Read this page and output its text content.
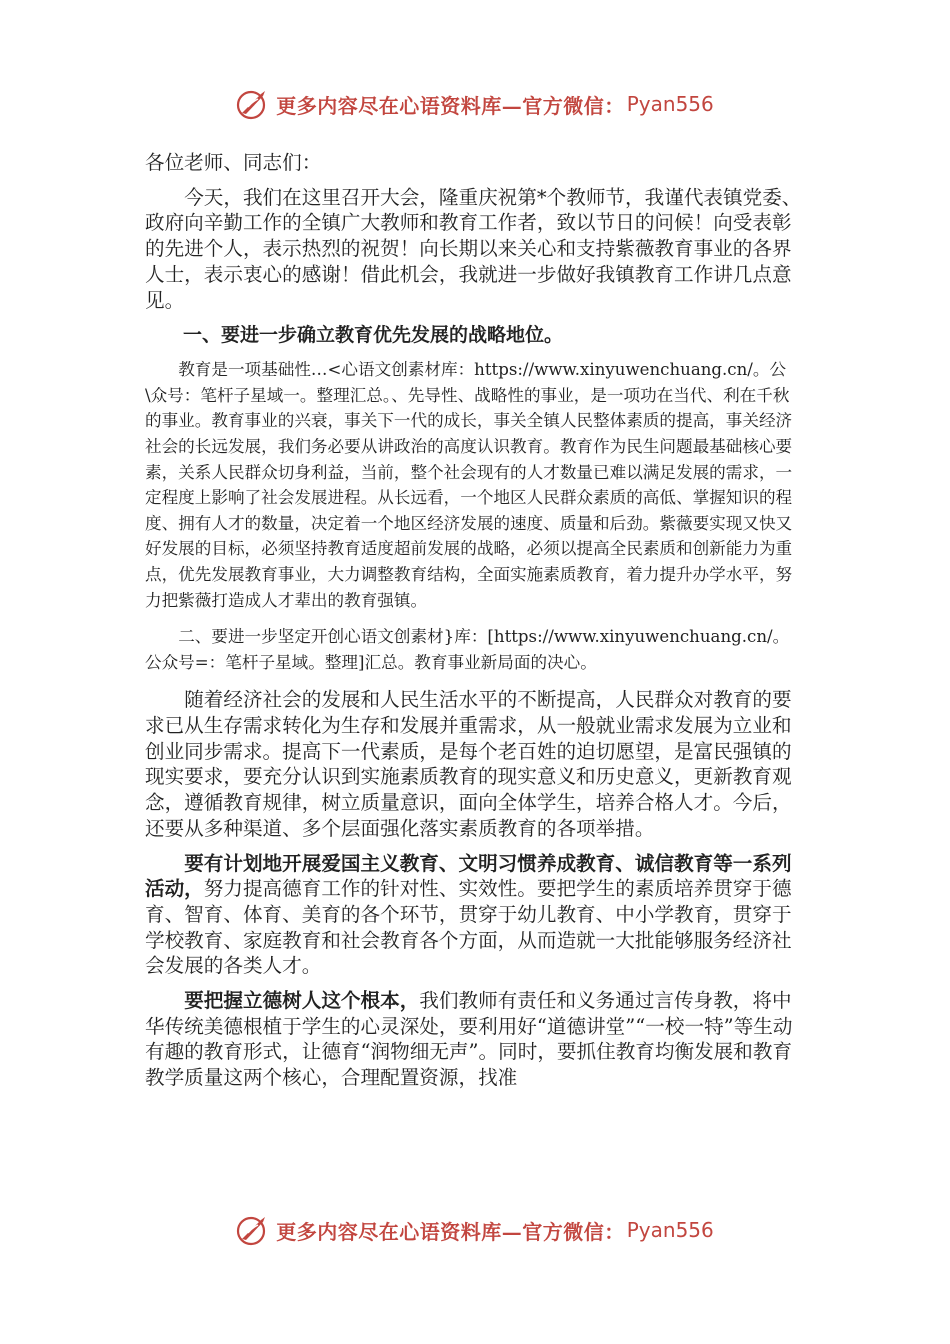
更多内容尽在心语资料库—官方微信： Pyan556

各位老师、同志们：

今天，我们在这里召开大会，隆重庆祝第*个教师节，我谨代表镇党委、政府向辛勤工作的全镇广大教师和教育工作者，致以节日的问候！向受表彰的先进个人，表示热烈的祝贺！向长期以来关心和支持紫薇教育事业的各界人士，表示衷心的感谢！借此机会，我就进一步做好我镇教育工作讲几点意见。

一、要进一步确立教育优先发展的战略地位。

教育是一项基础性…<心语文创素材库：https://www.xinyuwenchuang.cn/。公\众号：笔杆子星域一。整理汇总。、先导性、战略性的事业，是一项功在当代、利在千秋的事业。教育事业的兴衰，事关下一代的成长，事关全镇人民整体素质的提高，事关经济社会的长远发展，我们务必要从讲政治的高度认识教育。教育作为民生问题最基础核心要素，关系人民群众切身利益，当前，整个社会现有的人才数量已难以满足发展的需求，一定程度上影响了社会发展进程。从长远看，一个地区人民群众素质的高低、掌握知识的程度、拥有人才的数量，决定着一个地区经济发展的速度、质量和后劲。紫薇要实现又快又好发展的目标，必须坚持教育适度超前发展的战略，必须以提高全民素质和创新能力为重点，优先发展教育事业，大力调整教育结构，全面实施素质教育，着力提升办学水平，努力把紫薇打造成人才辈出的教育强镇。

二、要进一步坚定开创心语文创素材}库：[https://www.xinyuwenchuang.cn/。公众号=：笔杆子星域。整理]汇总。教育事业新局面的决心。

随着经济社会的发展和人民生活水平的不断提高，人民群众对教育的要求已从生存需求转化为生存和发展并重需求，从一般就业需求发展为立业和创业同步需求。提高下一代素质，是每个老百姓的迫切愿望，是富民强镇的现实要求，要充分认识到实施素质教育的现实意义和历史意义，更新教育观念，遵循教育规律，树立质量意识，面向全体学生，培养合格人才。今后，还要从多种渠道、多个层面强化落实素质教育的各项举措。

要有计划地开展爱国主义教育、文明习惯养成教育、诚信教育等一系列活动，努力提高德育工作的针对性、实效性。要把学生的素质培养贯穿于德育、智育、体育、美育的各个环节，贯穿于幼儿教育、中小学教育，贯穿于学校教育、家庭教育和社会教育各个方面，从而造就一大批能够服务经济社会发展的各类人才。

要把握立德树人这个根本，我们教师有责任和义务通过言传身教，将中华传统美德根植于学生的心灵深处，要利用好“道德讲堂”“一校一特”等生动有趣的教育形式，让德育“润物细无声”。同时，要抓住教育均衡发展和教育教学质量这两个核心，合理配置资源，找准

更多内容尽在心语资料库—官方微信： Pyan556
